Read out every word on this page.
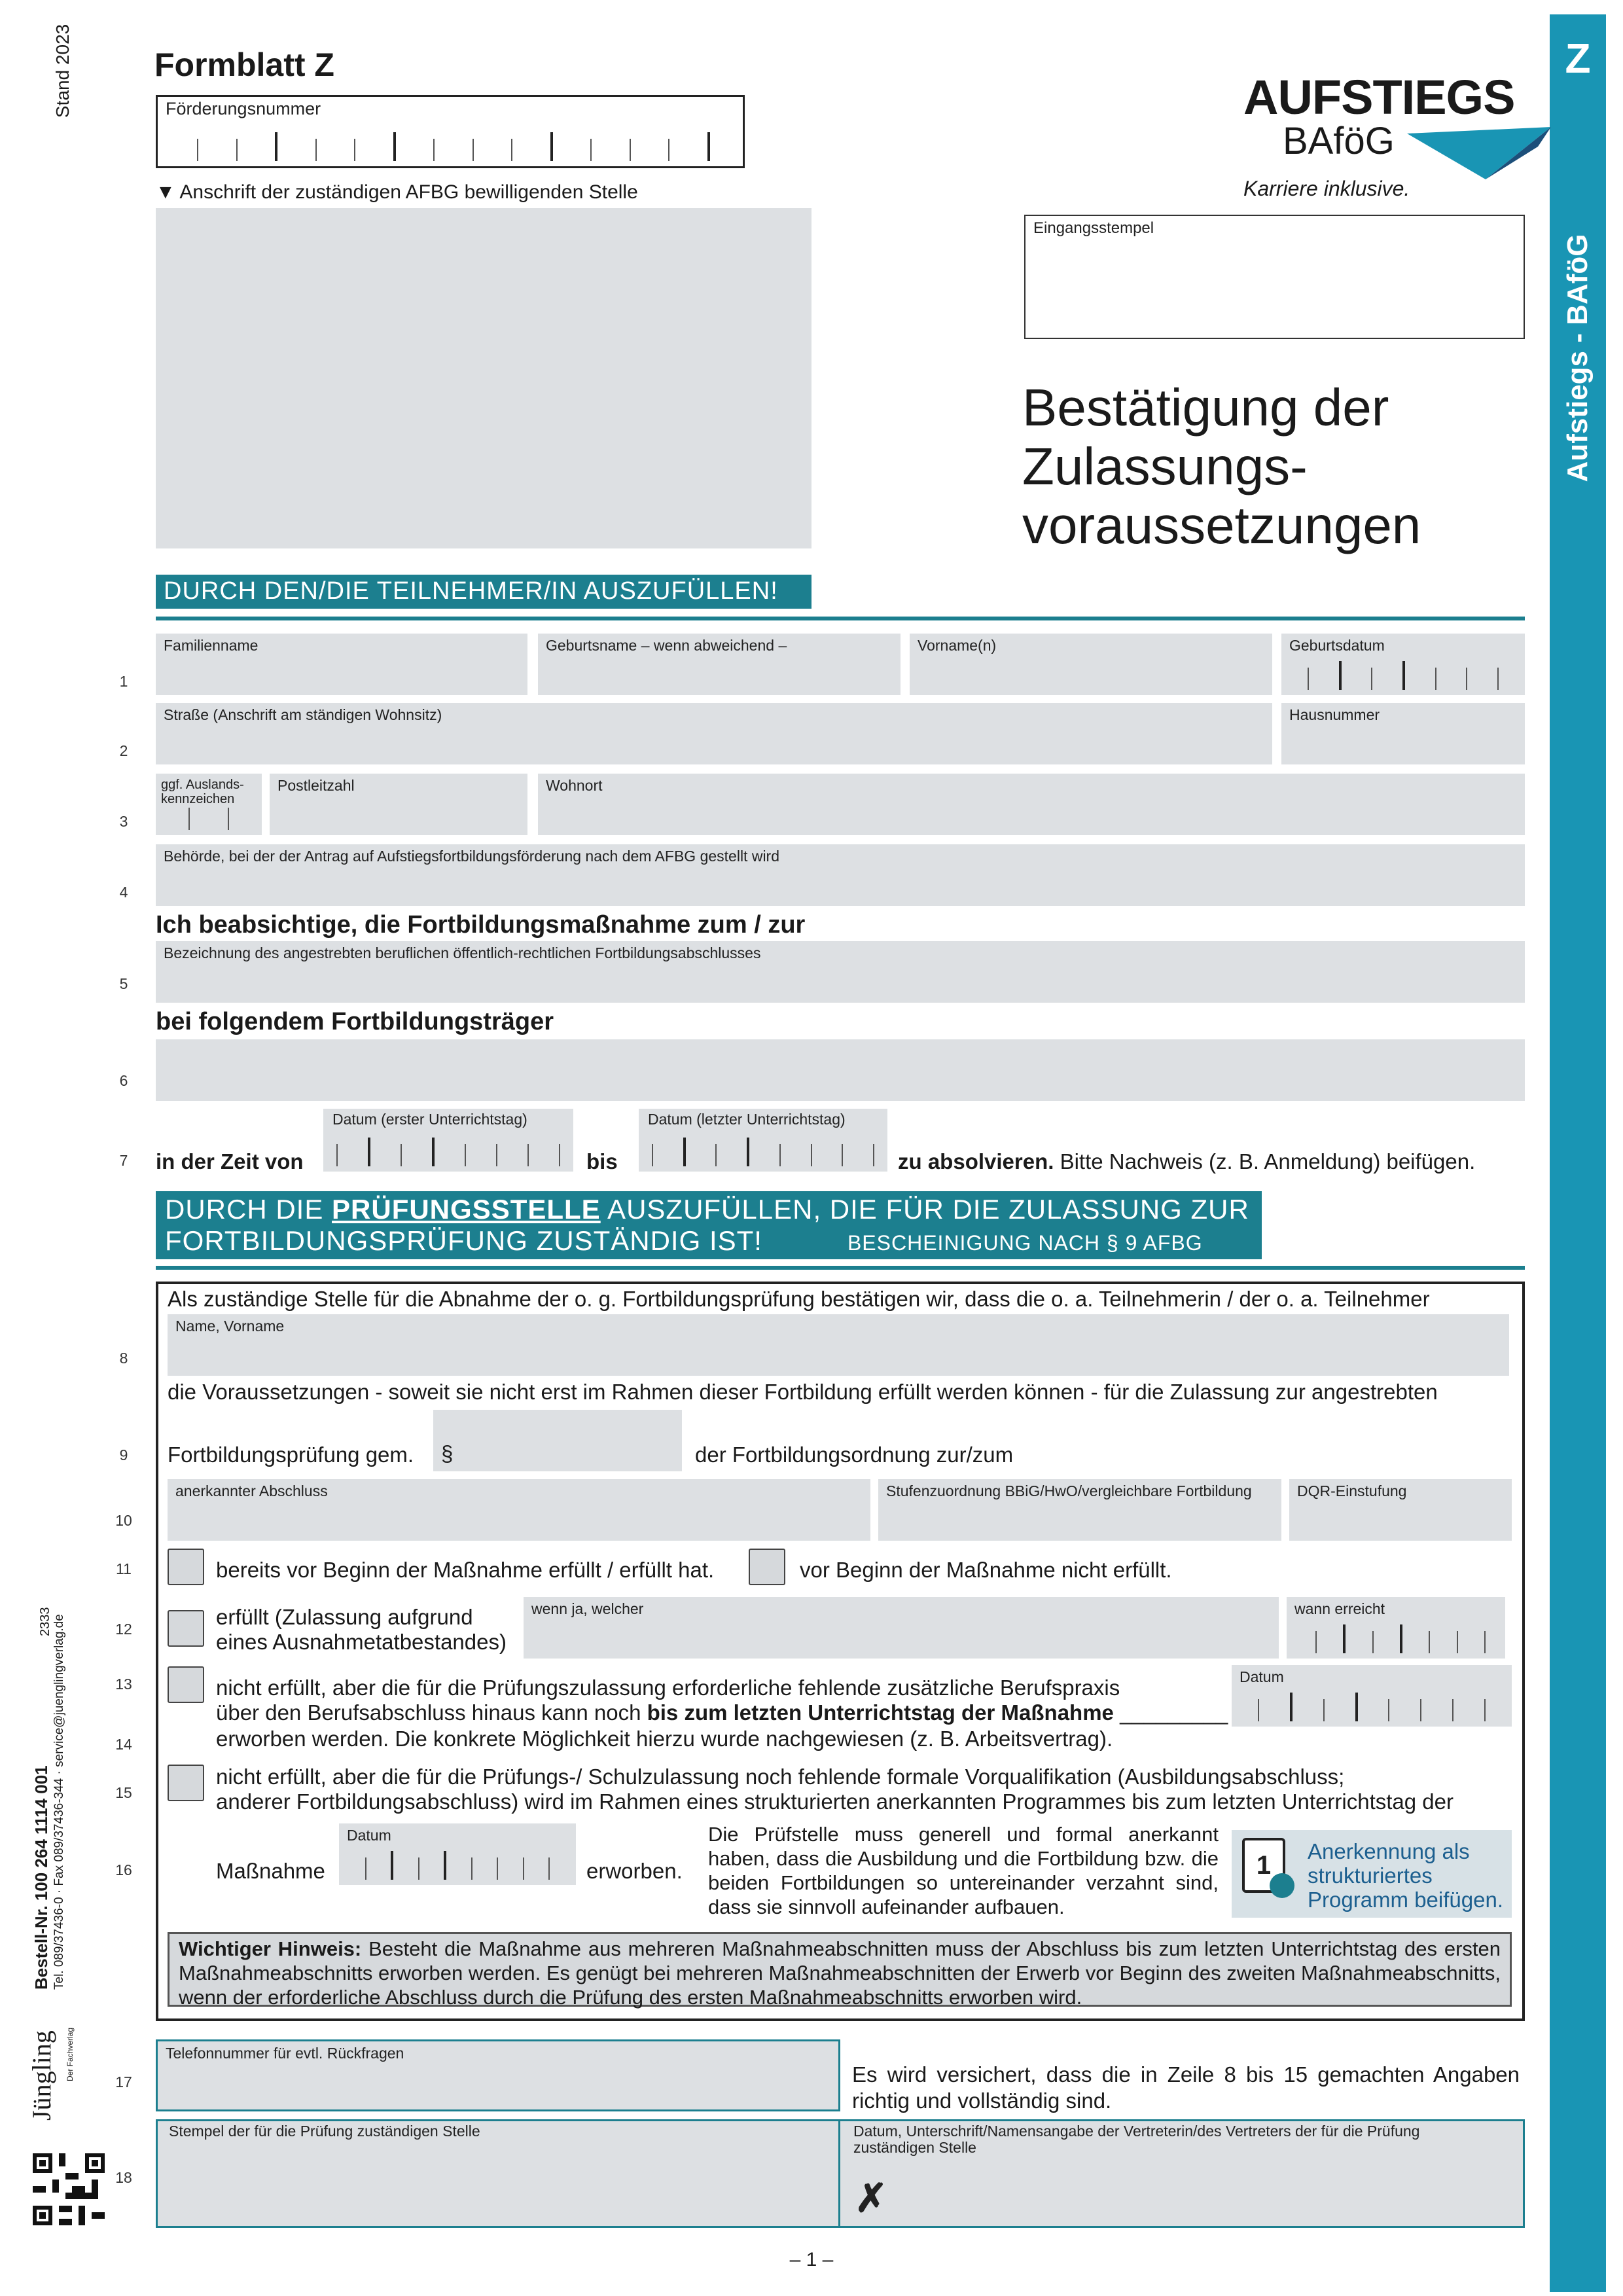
Z
Aufstiegs - BAföG
Stand 2023	Formblatt Z
Förderungsnummer
▼ Anschrift der zuständigen AFBG bewilligenden Stelle
AUFSTIEGS
BAföG
Karriere inklusive.
Eingangsstempel
Bestätigung der
Zulassungs-
voraussetzungen
DURCH DEN/DIE TEILNEHMER/IN AUSZUFÜLLEN!
1
Familienname	Geburtsname – wenn abweichend –	Vorname(n)	Geburtsdatum
2
Straße (Anschrift am ständigen Wohnsitz)	Hausnummer
3
ggf. Auslands-
kennzeichen
Postleitzahl	Wohnort
4
Behörde, bei der der Antrag auf Aufstiegsfortbildungsförderung nach dem AFBG gestellt wird
Ich beabsichtige, die Fortbildungsmaßnahme zum / zur
5
Bezeichnung des angestrebten beruflichen öffentlich-rechtlichen Fortbildungsabschlusses
bei folgendem Fortbildungsträger
6
7 in der Zeit von
Datum (erster Unterrichtstag)
bis
Datum (letzter Unterrichtstag)
zu absolvieren. Bitte Nachweis (z. B. Anmeldung) beifügen.
DURCH DIE PRÜFUNGSSTELLE AUSZUFÜLLEN, DIE FÜR DIE ZULASSUNG ZUR
FORTBILDUNGSPRÜFUNG ZUSTÄNDIG IST!	BESCHEINIGUNG NACH § 9 AFBG
Als zuständige Stelle für die Abnahme der o. g. Fortbildungsprüfung bestätigen wir, dass die o. a. Teilnehmerin / der o. a. Teilnehmer
8
Name, Vorname
die Voraussetzungen - soweit sie nicht erst im Rahmen dieser Fortbildung erfüllt werden können - für die Zulassung zur angestrebten
9 Fortbildungsprüfung gem. §	der Fortbildungsordnung zur/zum
10
anerkannter Abschluss	Stufenzuordnung BBiG/HwO/vergleichbare Fortbildung	DQR-Einstufung
11	bereits vor Beginn der Maßnahme erfüllt / erfüllt hat.	vor Beginn der Maßnahme nicht erfüllt.
12	erfüllt (Zulassung aufgrund
eines Ausnahmetatbestandes)
wenn ja, welcher	wann erreicht
13	nicht erfüllt, aber die für die Prüfungszulassung erforderliche fehlende zusätzliche Berufspraxis
über den Berufsabschluss hinaus kann noch bis zum letzten Unterrichtstag der Maßnahme _________
Datum
14	erworben werden. Die konkrete Möglichkeit hierzu wurde nachgewiesen (z. B. Arbeitsvertrag).
15
nicht erfüllt, aber die für die Prüfungs-/ Schulzulassung noch fehlende formale Vorqualifikation (Ausbildungsabschluss;
anderer Fortbildungsabschluss) wird im Rahmen eines strukturierten anerkannten Programmes bis zum letzten Unterrichtstag der
16	Maßnahme
Datum
erworben.
Die Prüfstelle muss generell und formal anerkannt haben, dass die Ausbildung und die Fortbildung bzw. die beiden Fortbildungen so untereinander verzahnt sind, dass sie sinnvoll aufeinander aufbauen.
1	Anerkennung als
strukturiertes
Programm beifügen.
Wichtiger Hinweis: Besteht die Maßnahme aus mehreren Maßnahmeabschnitten muss der Abschluss bis zum letzten Unterrichtstag des ersten Maßnahmeabschnitts erworben werden. Es genügt bei mehreren Maßnahmeabschnitten der Erwerb vor Beginn des zweiten Maßnahmeabschnitts, wenn der erforderliche Abschluss durch die Prüfung des ersten Maßnahmeabschnitts erworben wird.
17
Telefonnummer für evtl. Rückfragen
Es wird versichert, dass die in Zeile 8 bis 15 gemachten Angaben richtig und vollständig sind.
18
Stempel der für die Prüfung zuständigen Stelle	Datum, Unterschrift/Namensangabe der Vertreterin/des Vertreters der für die Prüfung
zuständigen Stelle
✗
2333
Bestell-Nr. 100 264 1114 001 Tel. 089/37436-0 · Fax 089/37436-344 · service@juenglingverlag.de
Jüngling Der Fachverlag
– 1 –
